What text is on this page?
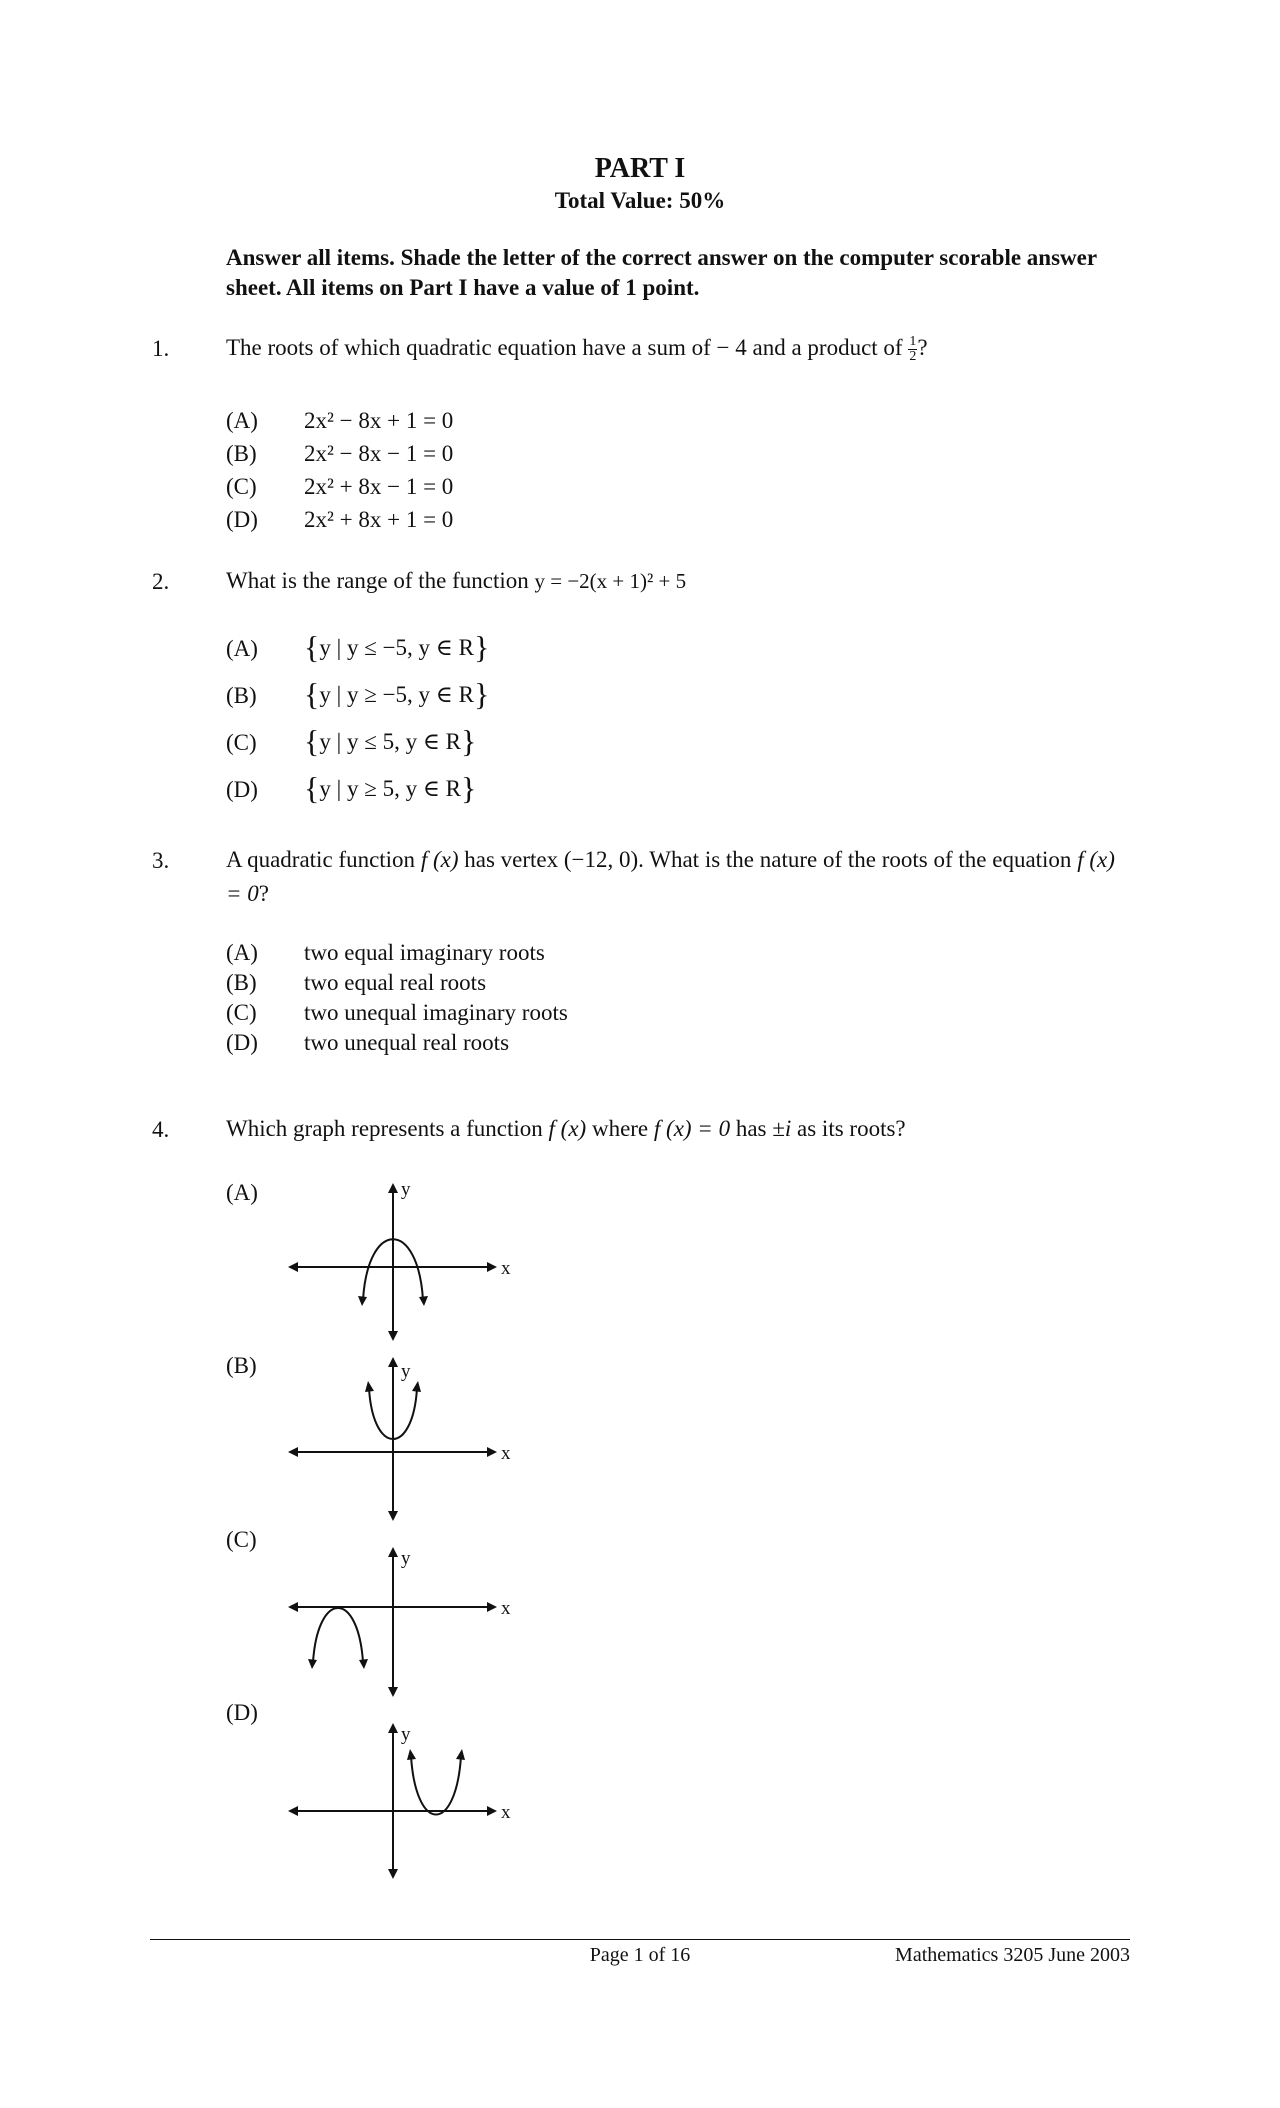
PART I
Total Value: 50%
Answer all items. Shade the letter of the correct answer on the computer scorable answer sheet. All items on Part I have a value of 1 point.
1. The roots of which quadratic equation have a sum of − 4 and a product of $\frac{1}{2}$ ?
(A) 2x² − 8x + 1 = 0
(B) 2x² − 8x − 1 = 0
(C) 2x² + 8x − 1 = 0
(D) 2x² + 8x + 1 = 0
2. What is the range of the function y = −2(x + 1)² + 5
(A) {y | y ≤ −5, y ∈ R}
(B) {y | y ≥ −5, y ∈ R}
(C) {y | y ≤ 5, y ∈ R}
(D) {y | y ≥ 5, y ∈ R}
3. A quadratic function f (x) has vertex (−12, 0). What is the nature of the roots of the equation f (x) = 0?
(A) two equal imaginary roots
(B) two equal real roots
(C) two unequal imaginary roots
(D) two unequal real roots
4. Which graph represents a function f (x) where f (x) = 0 has ±i as its roots?
(A)
x
y
(B)
x
y
(C)
x
y
(D)
x
y
Page 1 of 16	Mathematics 3205 June 2003
